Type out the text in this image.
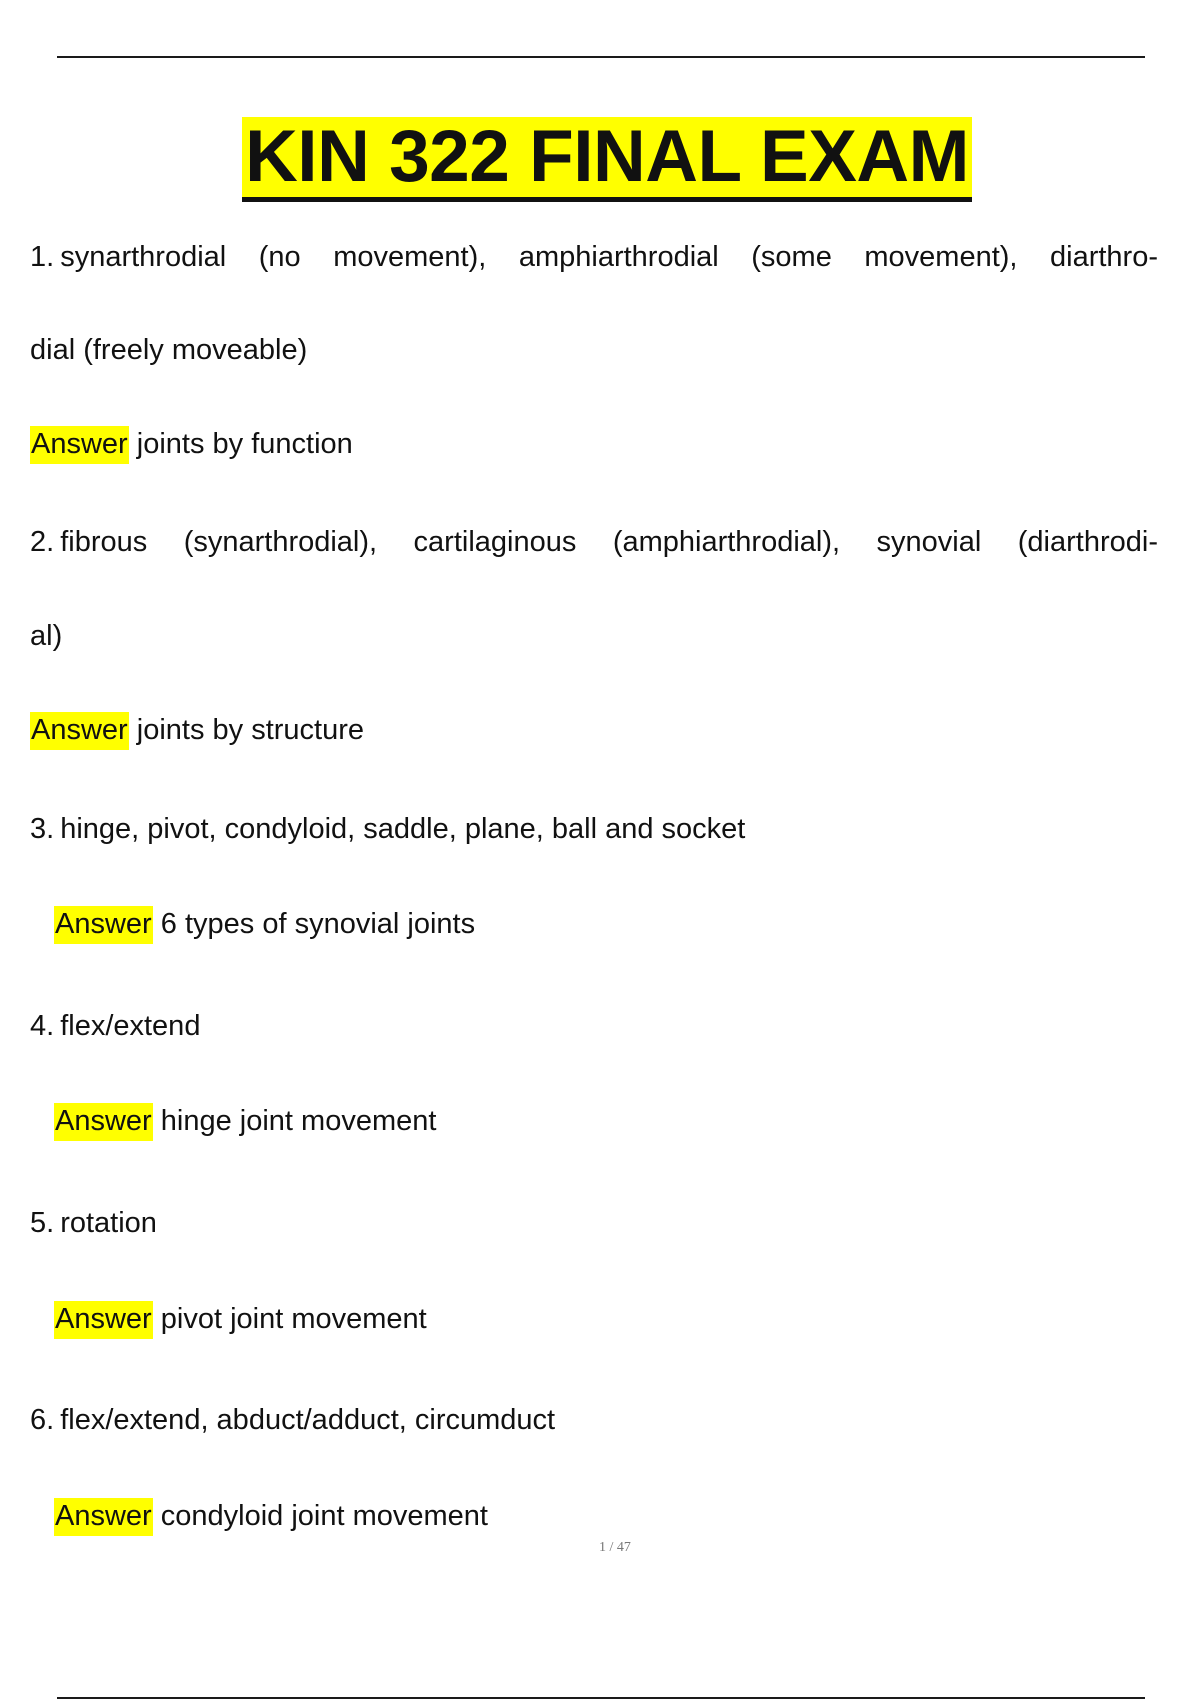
KIN 322 FINAL EXAM
1. synarthrodial (no movement), amphiarthrodial (some movement), diarthro-
dial (freely moveable)
Answer joints by function
2. fibrous (synarthrodial), cartilaginous (amphiarthrodial), synovial (diarthrodi-
al)
Answer joints by structure
3. hinge, pivot, condyloid, saddle, plane, ball and socket
Answer 6 types of synovial joints
4. flex/extend
Answer hinge joint movement
5. rotation
Answer pivot joint movement
6. flex/extend, abduct/adduct, circumduct
Answer condyloid joint movement
1 / 47
